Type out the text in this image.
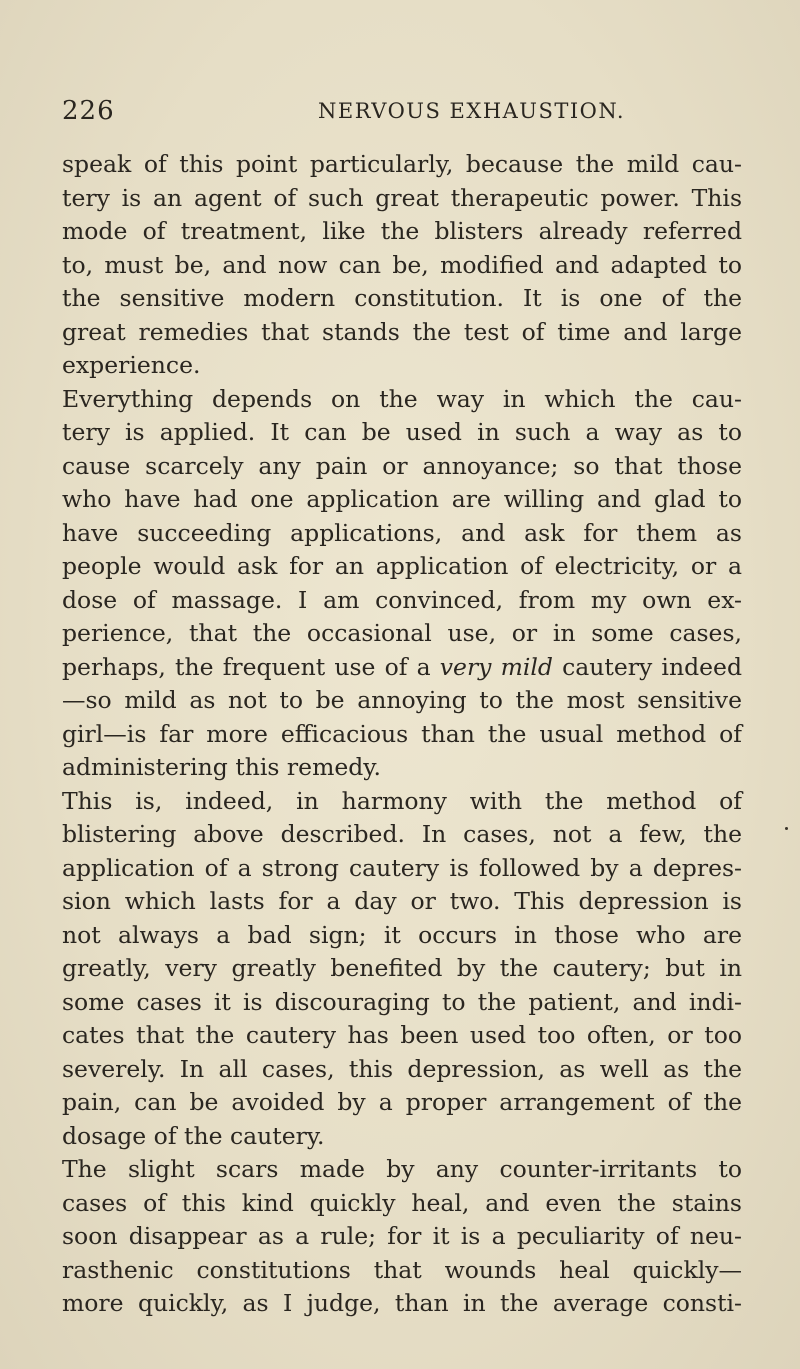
226	NERVOUS EXHAUSTION.
speak of this point particularly, because the mild cau-
tery is an agent of such great therapeutic power. This
mode of treatment, like the blisters already referred
to, must be, and now can be, modified and adapted to
the sensitive modern constitution. It is one of the
great remedies that stands the test of time and large
experience.
Everything depends on the way in which the cau-
tery is applied. It can be used in such a way as to
cause scarcely any pain or annoyance; so that those
who have had one application are willing and glad to
have succeeding applications, and ask for them as
people would ask for an application of electricity, or a
dose of massage. I am convinced, from my own ex-
perience, that the occasional use, or in some cases,
perhaps, the frequent use of a very mild cautery indeed
—so mild as not to be annoying to the most sensitive
girl—is far more efficacious than the usual method of
administering this remedy.
This is, indeed, in harmony with the method of
blistering above described. In cases, not a few, the
application of a strong cautery is followed by a depres-
sion which lasts for a day or two. This depression is
not always a bad sign; it occurs in those who are
greatly, very greatly benefited by the cautery; but in
some cases it is discouraging to the patient, and indi-
cates that the cautery has been used too often, or too
severely. In all cases, this depression, as well as the
pain, can be avoided by a proper arrangement of the
dosage of the cautery.
The slight scars made by any counter-irritants to
cases of this kind quickly heal, and even the stains
soon disappear as a rule; for it is a peculiarity of neu-
rasthenic constitutions that wounds heal quickly—
more quickly, as I judge, than in the average consti-
